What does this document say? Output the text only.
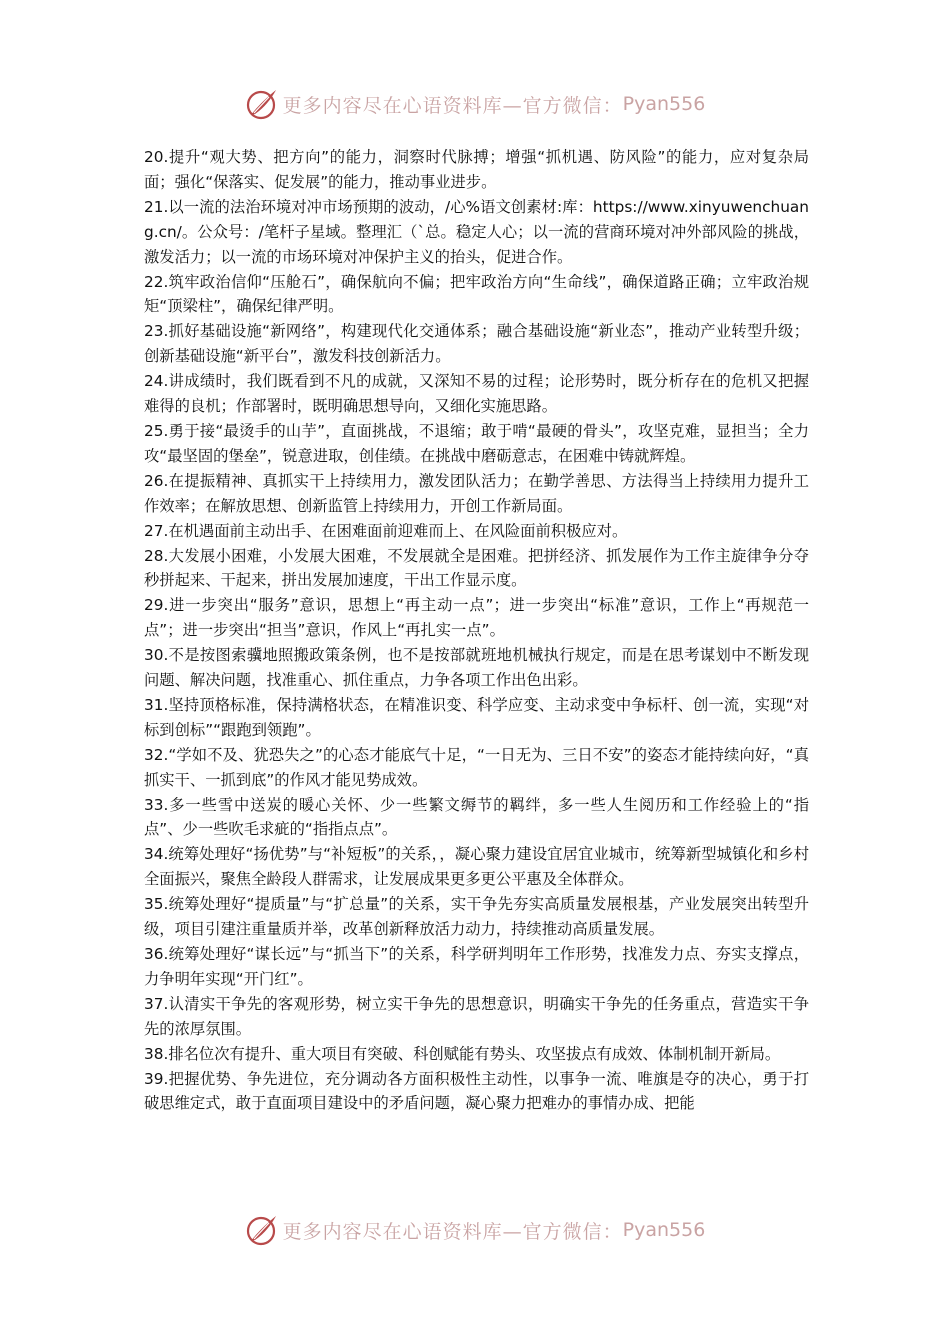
更多内容尽在心语资料库—官方微信： Pyan556

20.提升“观大势、把方向”的能力，洞察时代脉搏；增强“抓机遇、防风险”的能力，应对复杂局面；强化“保落实、促发展”的能力，推动事业进步。

21.以一流的法治环境对冲市场预期的波动，/心%语文创素材:库：https://www.xinyuwenchuang.cn/。公众号：/笔杆子星域。整理汇（`总。稳定人心；以一流的营商环境对冲外部风险的挑战，激发活力；以一流的市场环境对冲保护主义的抬头，促进合作。

22.筑牢政治信仰“压舱石”，确保航向不偏；把牢政治方向“生命线”，确保道路正确；立牢政治规矩“顶梁柱”，确保纪律严明。

23.抓好基础设施“新网络”，构建现代化交通体系；融合基础设施“新业态”，推动产业转型升级；创新基础设施“新平台”，激发科技创新活力。

24.讲成绩时，我们既看到不凡的成就，又深知不易的过程；论形势时，既分析存在的危机又把握难得的良机；作部署时，既明确思想导向，又细化实施思路。

25.勇于接“最烫手的山芋”，直面挑战，不退缩；敢于啃“最硬的骨头”，攻坚克难，显担当；全力攻“最坚固的堡垒”，锐意进取，创佳绩。在挑战中磨砺意志，在困难中铸就辉煌。

26.在提振精神、真抓实干上持续用力，激发团队活力；在勤学善思、方法得当上持续用力提升工作效率；在解放思想、创新监管上持续用力，开创工作新局面。

27.在机遇面前主动出手、在困难面前迎难而上、在风险面前积极应对。

28.大发展小困难，小发展大困难，不发展就全是困难。把拼经济、抓发展作为工作主旋律争分夺秒拼起来、干起来，拼出发展加速度，干出工作显示度。

29.进一步突出“服务”意识，思想上“再主动一点”；进一步突出“标准”意识，工作上“再规范一点”；进一步突出“担当”意识，作风上“再扎实一点”。

30.不是按图索骥地照搬政策条例，也不是按部就班地机械执行规定，而是在思考谋划中不断发现问题、解决问题，找准重心、抓住重点，力争各项工作出色出彩。

31.坚持顶格标准，保持满格状态，在精准识变、科学应变、主动求变中争标杆、创一流，实现“对标到创标”“跟跑到领跑”。

32.“学如不及、犹恐失之”的心态才能底气十足，“一日无为、三日不安”的姿态才能持续向好，“真抓实干、一抓到底”的作风才能见势成效。

33.多一些雪中送炭的暖心关怀、少一些繁文缛节的羁绊，多一些人生阅历和工作经验上的“指点”、少一些吹毛求疵的“指指点点”。

34.统筹处理好“扬优势”与“补短板”的关系，，凝心聚力建设宜居宜业城市，统筹新型城镇化和乡村全面振兴，聚焦全龄段人群需求，让发展成果更多更公平惠及全体群众。

35.统筹处理好“提质量”与“扩总量”的关系，实干争先夯实高质量发展根基，产业发展突出转型升级，项目引建注重量质并举，改革创新释放活力动力，持续推动高质量发展。

36.统筹处理好“谋长远”与“抓当下”的关系，科学研判明年工作形势，找准发力点、夯实支撑点，力争明年实现“开门红”。

37.认清实干争先的客观形势，树立实干争先的思想意识，明确实干争先的任务重点，营造实干争先的浓厚氛围。

38.排名位次有提升、重大项目有突破、科创赋能有势头、攻坚拔点有成效、体制机制开新局。

39.把握优势、争先进位，充分调动各方面积极性主动性，以事争一流、唯旗是夺的决心，勇于打破思维定式，敢于直面项目建设中的矛盾问题，凝心聚力把难办的事情办成、把能

更多内容尽在心语资料库—官方微信： Pyan556
